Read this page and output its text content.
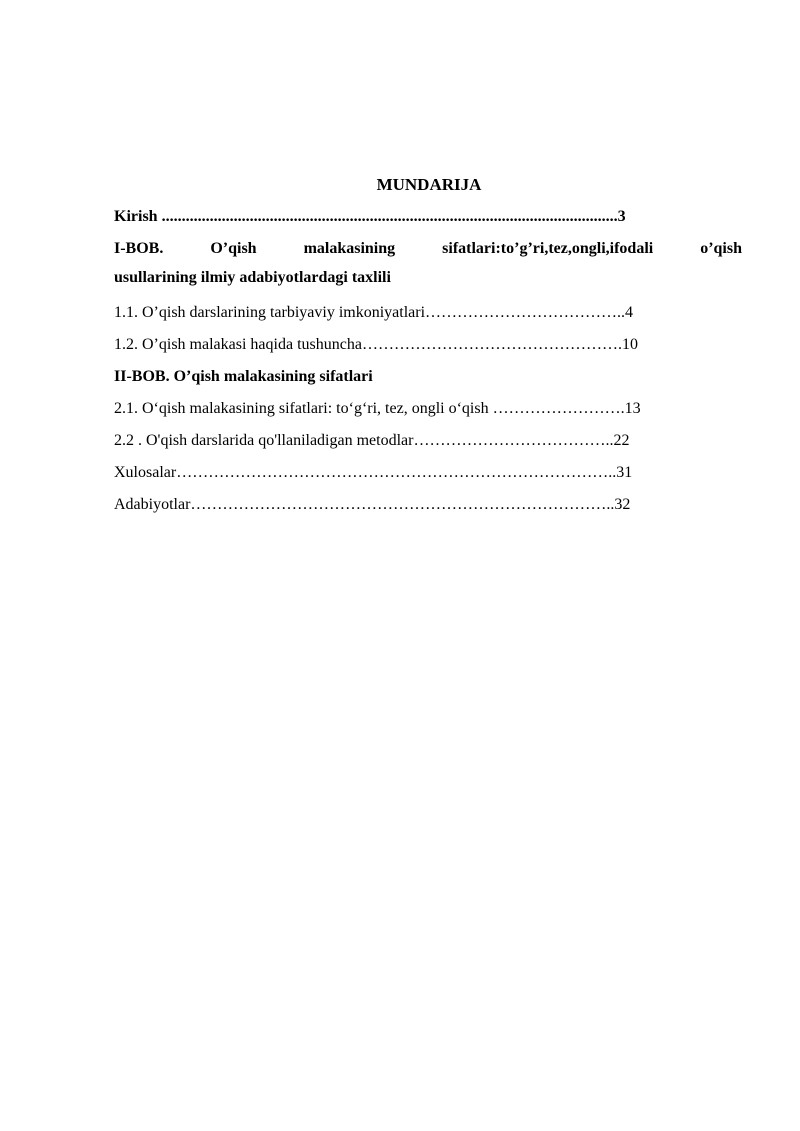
MUNDARIJA
Kirish ..................................................................................................................3
I-BOB.	O’qish	malakasining	sifatlari:to’g’ri,tez,ongli,ifodali	o’qish
usullarining ilmiy adabiyotlardagi taxlili
1.1. O’qish darslarining tarbiyaviy imkoniyatlari………………………………..4
1.2. O’qish malakasi haqida tushuncha………………………………………….10
II-BOB. O’qish malakasining sifatlari
2.1. O‘qish malakasining sifatlari: to‘g‘ri, tez, ongli o‘qish …………………….13
2.2 . O'qish darslarida qo'llaniladigan metodlar………………………………..22
Xulosalar………………………………………………………………………..31
Adabiyotlar……………………………………………………………………..32
